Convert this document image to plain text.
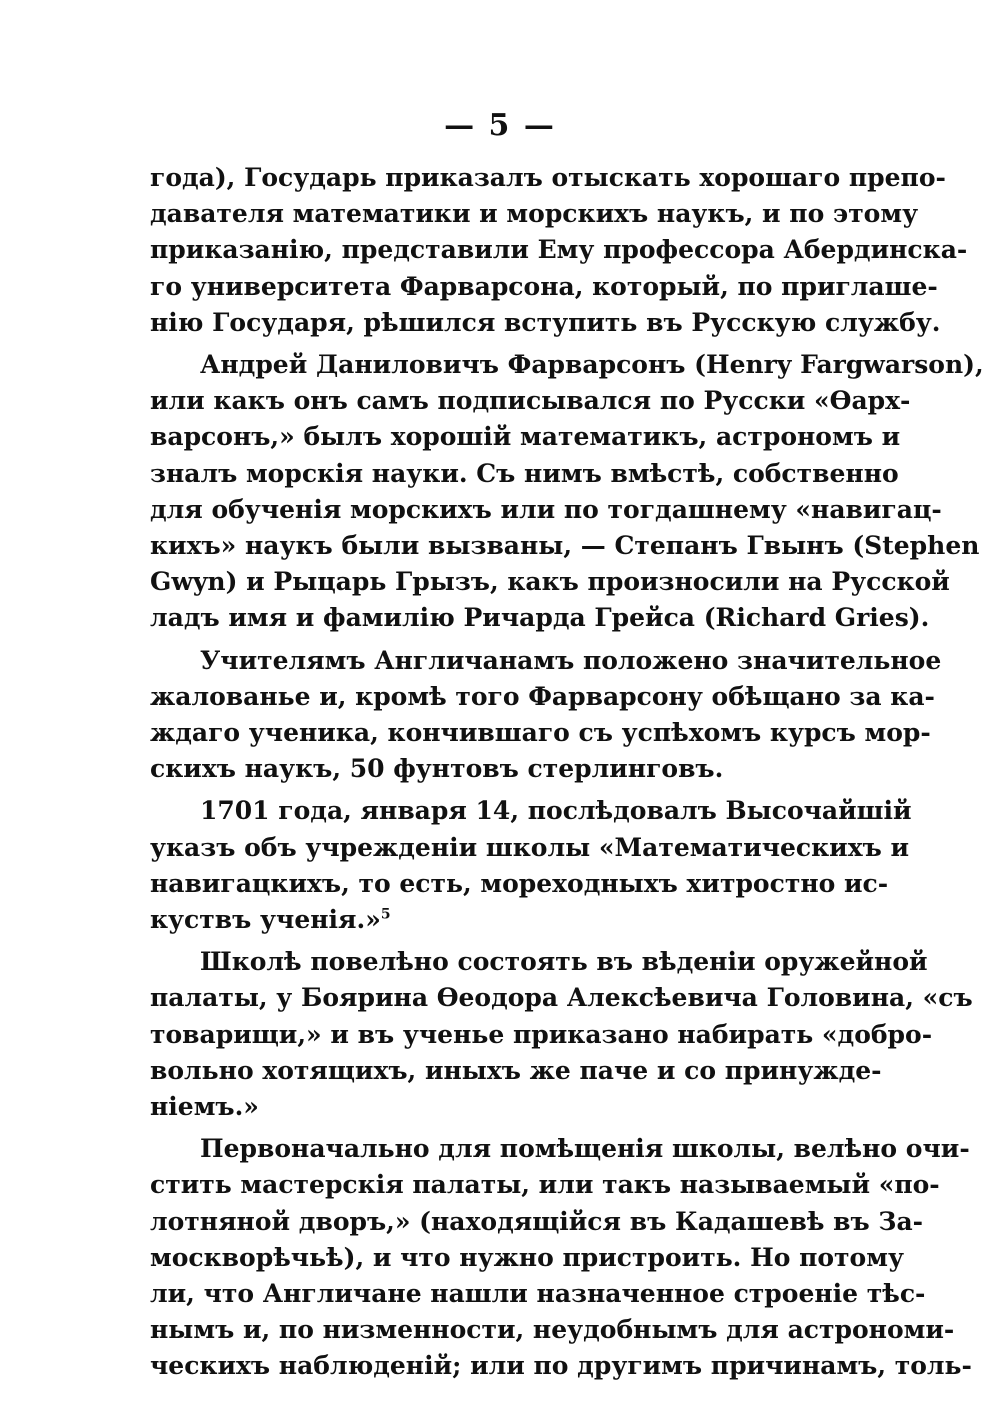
— 5 —
года), Государь приказалъ отыскать хорошаго препо-
давателя математики и морскихъ наукъ, и по этому
приказанію, представили Ему профессора Абердинска-
го университета Фарварсона, который, по приглаше-
нію Государя, рѣшился вступить въ Русскую службу.
Андрей Даниловичъ Фарварсонъ (Henry Fargwarson),
или какъ онъ самъ подписывался по Русски «Ѳарх-
варсонъ,» былъ хорошій математикъ, астрономъ и
зналъ морскія науки. Съ нимъ вмѣстѣ, собственно
для обученія морскихъ или по тогдашнему «навигац-
кихъ» наукъ были вызваны, — Степанъ Гвынъ (Stephen
Gwyn) и Рыцарь Грызъ, какъ произносили на Русской
ладъ имя и фамилію Ричарда Грейса (Richard Gries).
Учителямъ Англичанамъ положено значительное
жалованье и, кромѣ того Фарварсону обѣщано за ка-
ждаго ученика, кончившаго съ успѣхомъ курсъ мор-
скихъ наукъ, 50 фунтовъ стерлинговъ.
1701 года, января 14, послѣдовалъ Высочайшій
указъ объ учрежденіи школы «Математическихъ и
навигацкихъ, то есть, мореходныхъ хитростно ис-
куствъ ученія.»$^5$
Школѣ повелѣно состоять въ вѣденіи оружейной
палаты, у Боярина Ѳеодора Алексѣевича Головина, «съ
товарищи,» и въ ученье приказано набирать «добро-
вольно хотящихъ, иныхъ же паче и со принужде-
ніемъ.»
Первоначально для помѣщенія школы, велѣно очи-
стить мастерскія палаты, или такъ называемый «по-
лотняной дворъ,» (находящійся въ Кадашевѣ въ За-
москворѣчьѣ), и что нужно пристроить. Но потому
ли, что Англичане нашли назначенное строеніе тѣс-
нымъ и, по низменности, неудобнымъ для астрономи-
ческихъ наблюденій; или по другимъ причинамъ, толь-
